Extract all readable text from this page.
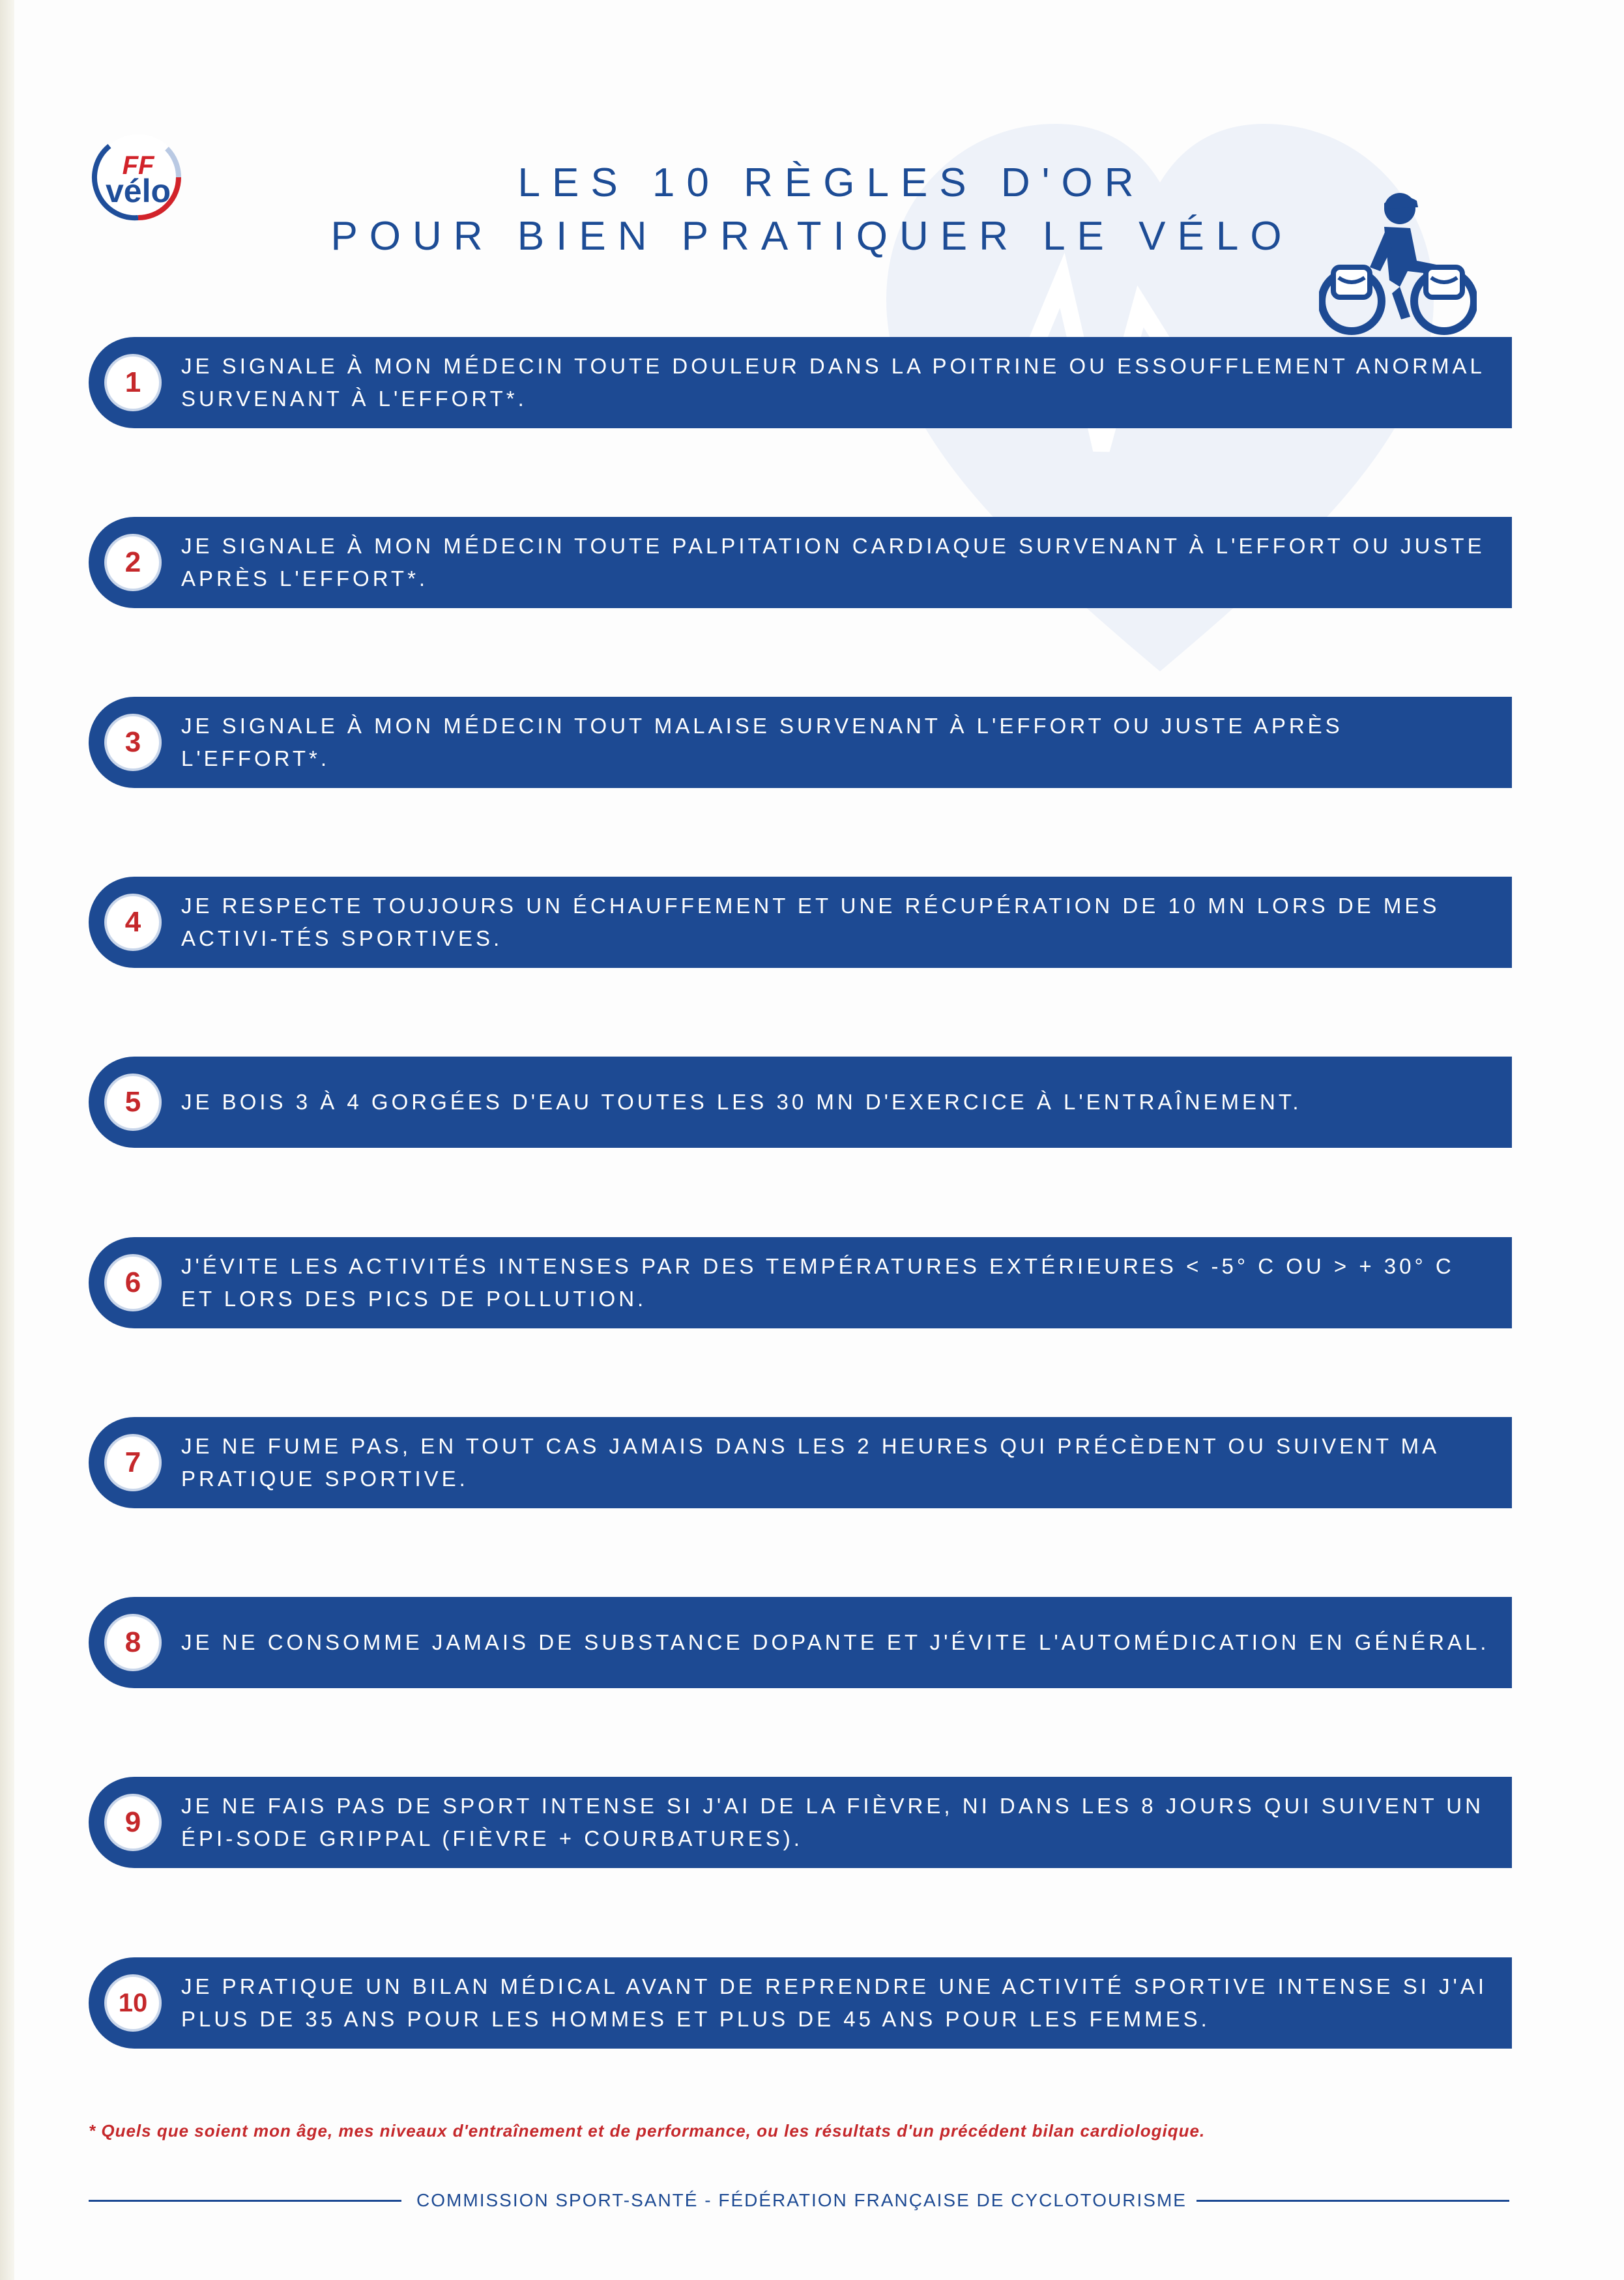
FF
vélo	LES 10 RÈGLES D'OR
POUR BIEN PRATIQUER LE VÉLO
1
JE SIGNALE À MON MÉDECIN TOUTE DOULEUR DANS LA POITRINE OU ESSOUFFLEMENT ANORMAL SURVENANT À L'EFFORT*.
2
JE SIGNALE À MON MÉDECIN TOUTE PALPITATION CARDIAQUE SURVENANT À L'EFFORT OU JUSTE APRÈS L'EFFORT*.
3
JE SIGNALE À MON MÉDECIN TOUT MALAISE SURVENANT À L'EFFORT OU JUSTE APRÈS L'EFFORT*.
4
JE RESPECTE TOUJOURS UN ÉCHAUFFEMENT ET UNE RÉCUPÉRATION DE 10 MN LORS DE MES ACTIVI-TÉS SPORTIVES.
5	JE BOIS 3 À 4 GORGÉES D'EAU TOUTES LES 30 MN D'EXERCICE À L'ENTRAÎNEMENT.
6
J'ÉVITE LES ACTIVITÉS INTENSES PAR DES TEMPÉRATURES EXTÉRIEURES < -5° C OU > + 30° C ET LORS DES PICS DE POLLUTION.
7
JE NE FUME PAS, EN TOUT CAS JAMAIS DANS LES 2 HEURES QUI PRÉCÈDENT OU SUIVENT MA PRATIQUE SPORTIVE.
8	JE NE CONSOMME JAMAIS DE SUBSTANCE DOPANTE ET J'ÉVITE L'AUTOMÉDICATION EN GÉNÉRAL.
9
JE NE FAIS PAS DE SPORT INTENSE SI J'AI DE LA FIÈVRE, NI DANS LES 8 JOURS QUI SUIVENT UN ÉPI-SODE GRIPPAL (FIÈVRE + COURBATURES).
10
JE PRATIQUE UN BILAN MÉDICAL AVANT DE REPRENDRE UNE ACTIVITÉ SPORTIVE INTENSE SI J'AI PLUS DE 35 ANS POUR LES HOMMES ET PLUS DE 45 ANS POUR LES FEMMES.
* Quels que soient mon âge, mes niveaux d'entraînement et de performance, ou les résultats d'un précédent bilan cardiologique.
COMMISSION SPORT-SANTÉ - FÉDÉRATION FRANÇAISE DE CYCLOTOURISME
